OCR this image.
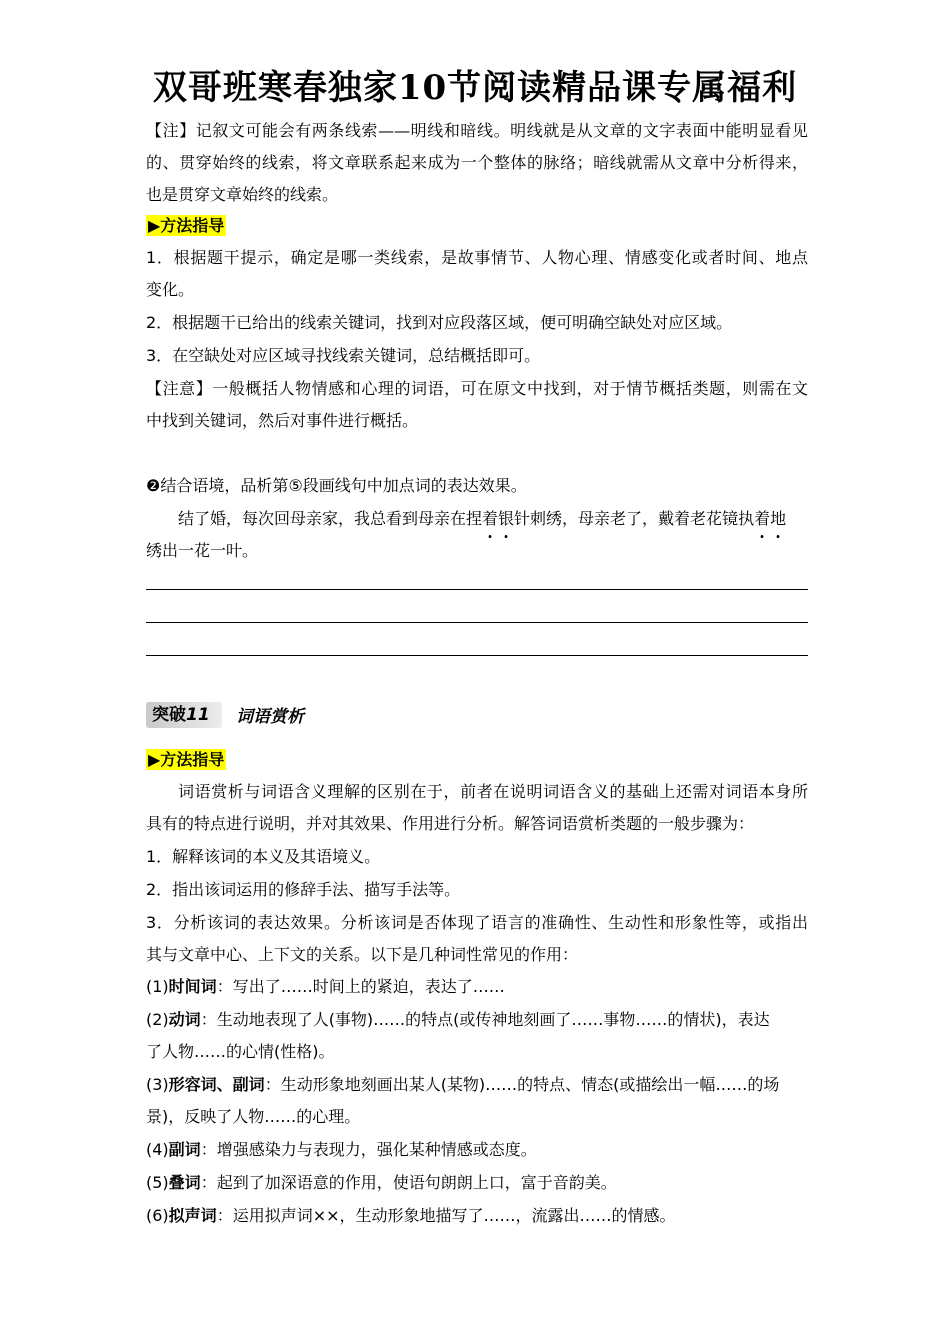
双哥班寒春独家10节阅读精品课专属福利
【注】记叙文可能会有两条线索——明线和暗线。明线就是从文章的文字表面中能明显看见
的、贯穿始终的线索，将文章联系起来成为一个整体的脉络；暗线就需从文章中分析得来，
也是贯穿文章始终的线索。
▶方法指导
1．根据题干提示，确定是哪一类线索，是故事情节、人物心理、情感变化或者时间、地点
变化。
2．根据题干已给出的线索关键词，找到对应段落区域，便可明确空缺处对应区域。
3．在空缺处对应区域寻找线索关键词，总结概括即可。
【注意】一般概括人物情感和心理的词语，可在原文中找到，对于情节概括类题，则需在文
中找到关键词，然后对事件进行概括。
❷结合语境，品析第⑤段画线句中加点词的表达效果。
结了婚，每次回母亲家，我总看到母亲在捏着银针刺绣，母亲老了，戴着老花镜执着地
绣出一花一叶。
突破11	词语赏析
▶方法指导
词语赏析与词语含义理解的区别在于，前者在说明词语含义的基础上还需对词语本身所
具有的特点进行说明，并对其效果、作用进行分析。解答词语赏析类题的一般步骤为：
1．解释该词的本义及其语境义。
2．指出该词运用的修辞手法、描写手法等。
3．分析该词的表达效果。分析该词是否体现了语言的准确性、生动性和形象性等，或指出
其与文章中心、上下文的关系。以下是几种词性常见的作用：
(1)时间词：写出了……时间上的紧迫，表达了……
(2)动词：生动地表现了人(事物)……的特点(或传神地刻画了……事物……的情状)，表达
了人物……的心情(性格)。
(3)形容词、副词：生动形象地刻画出某人(某物)……的特点、情态(或描绘出一幅……的场
景)，反映了人物……的心理。
(4)副词：增强感染力与表现力，强化某种情感或态度。
(5)叠词：起到了加深语意的作用，使语句朗朗上口，富于音韵美。
(6)拟声词：运用拟声词××，生动形象地描写了……，流露出……的情感。
